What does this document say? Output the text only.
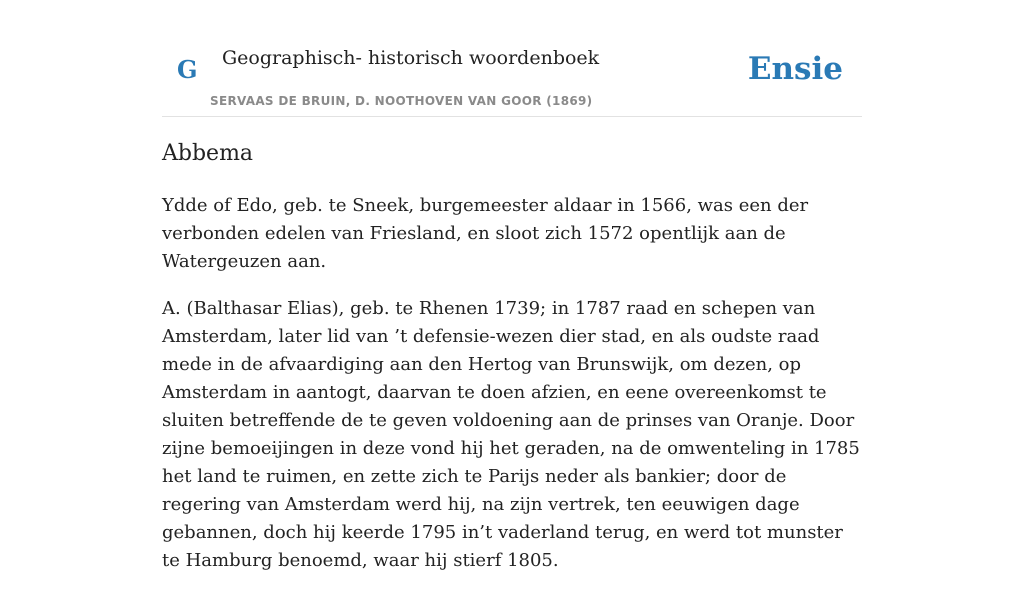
G Geographisch- historisch woordenboek
SERVAAS DE BRUIN, D. NOOTHOVEN VAN GOOR (1869)
Ensie
Abbema

Ydde of Edo, geb. te Sneek, burgemeester aldaar in 1566, was een der verbonden edelen van Friesland, en sloot zich 1572 opentlijk aan de Watergeuzen aan.

A. (Balthasar Elias), geb. te Rhenen 1739; in 1787 raad en schepen van Amsterdam, later lid van ’t defensie-wezen dier stad, en als oudste raad mede in de afvaardiging aan den Hertog van Brunswijk, om dezen, op Amsterdam in aantogt, daarvan te doen afzien, en eene overeenkomst te sluiten betreffende de te geven voldoening aan de prinses van Oranje. Door zijne bemoeijingen in deze vond hij het geraden, na de omwenteling in 1785 het land te ruimen, en zette zich te Parijs neder als bankier; door de regering van Amsterdam werd hij, na zijn vertrek, ten eeuwigen dage gebannen, doch hij keerde 1795 in’t vaderland terug, en werd tot munster te Hamburg benoemd, waar hij stierf 1805.
